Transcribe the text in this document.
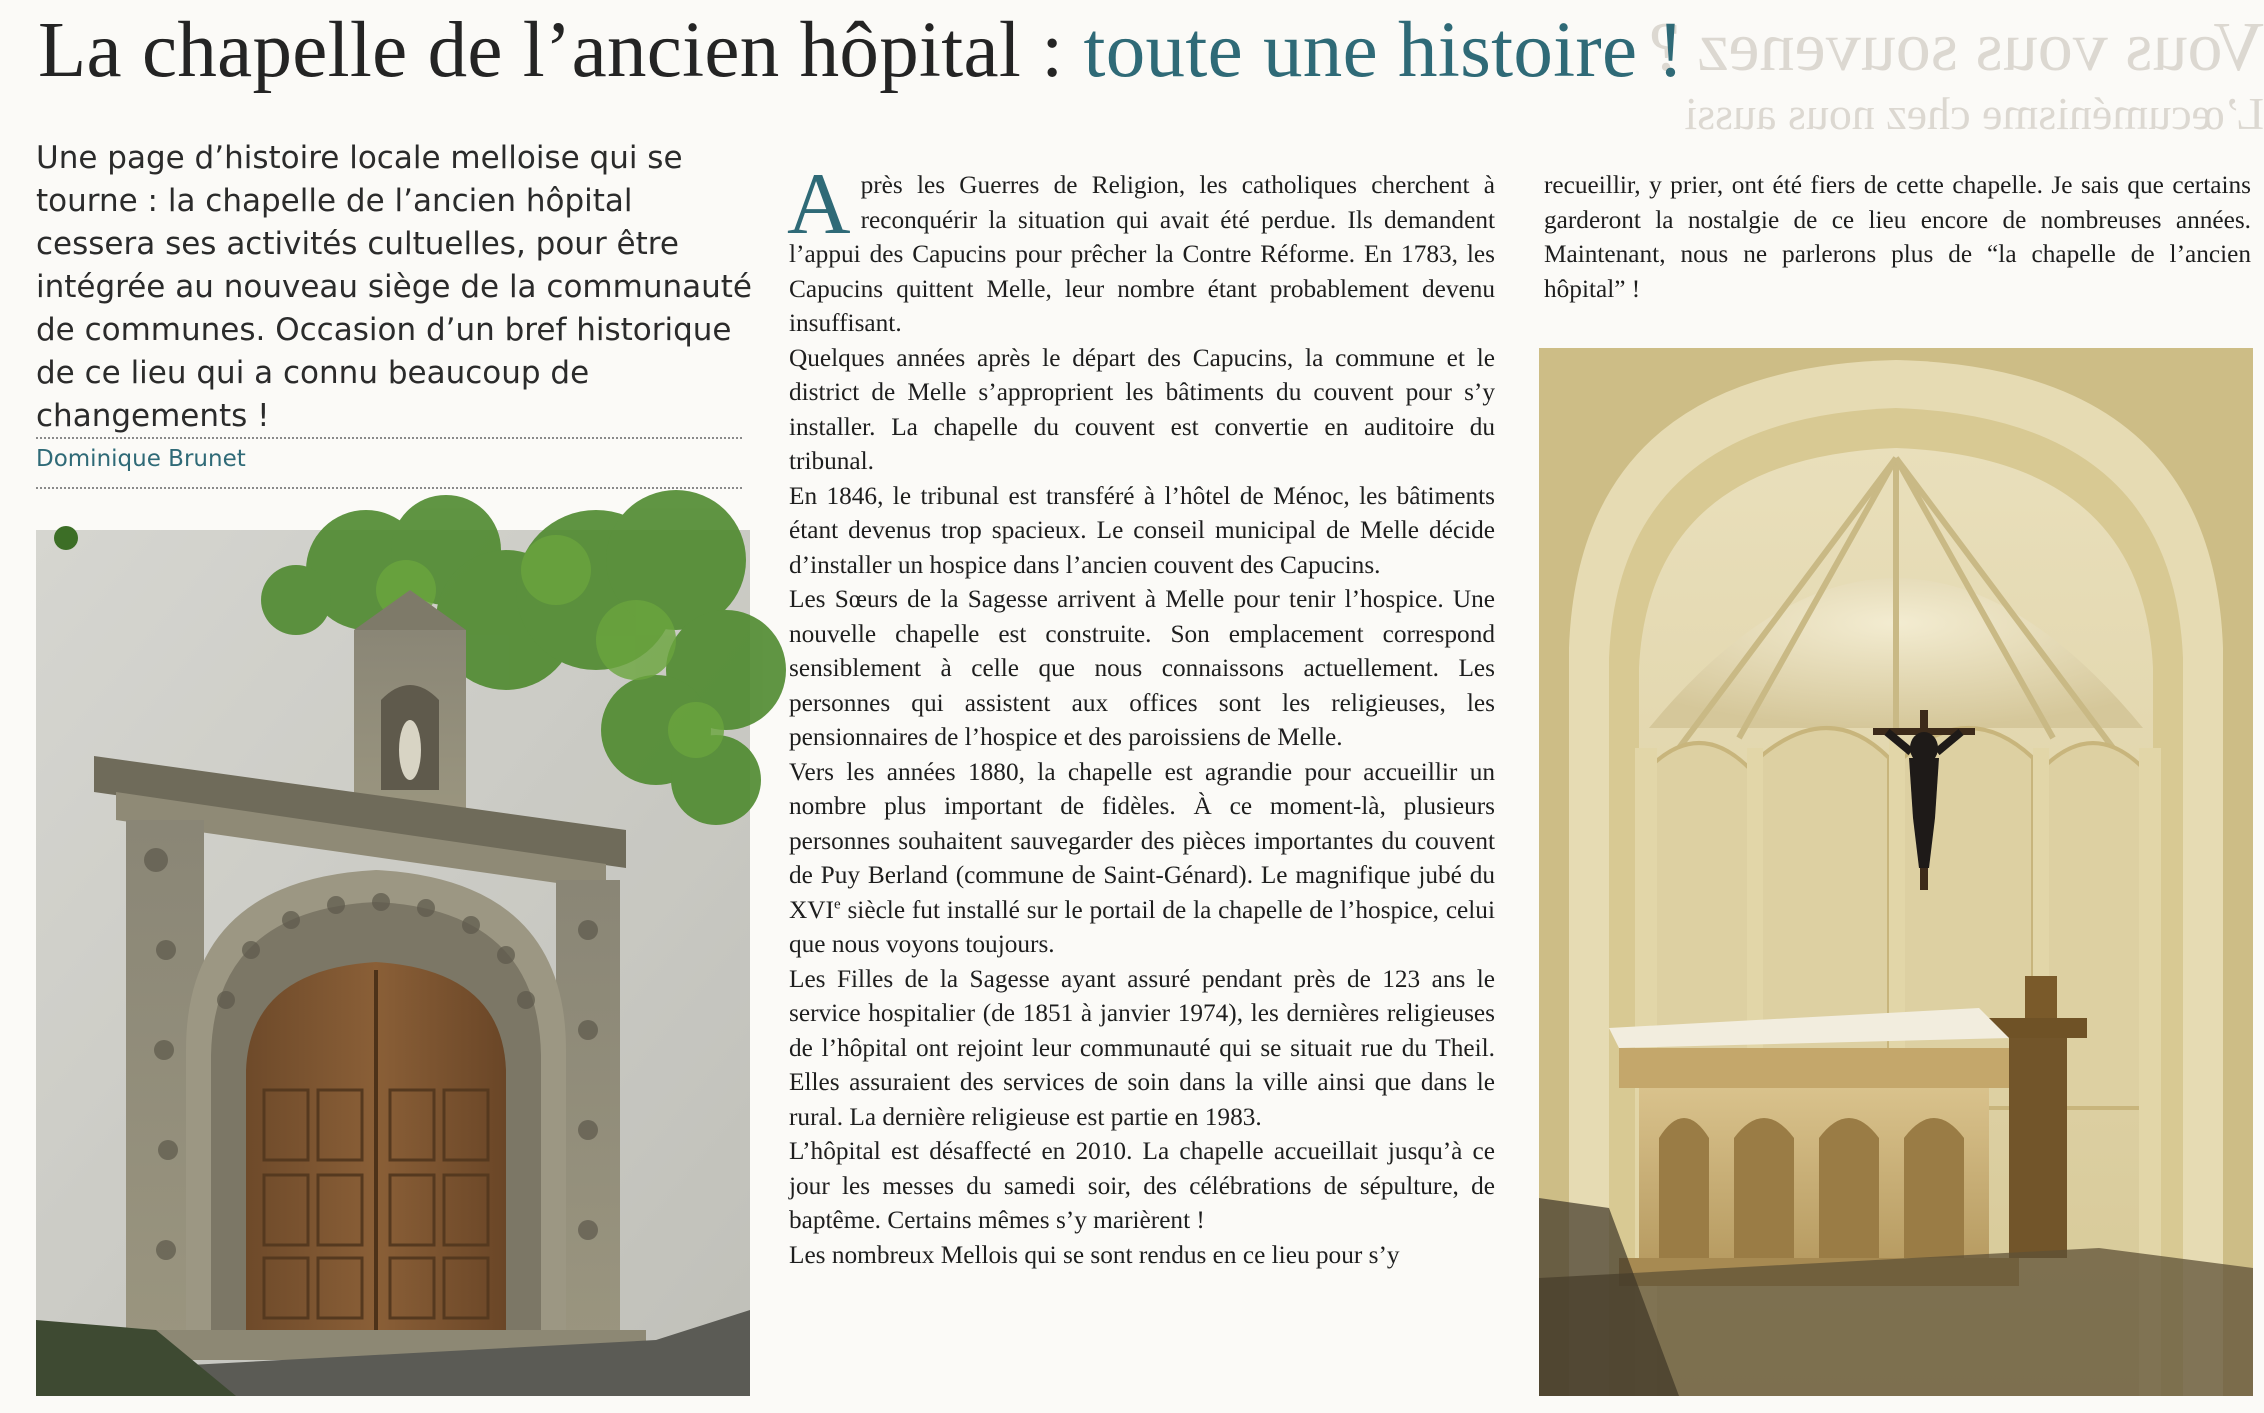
Vous vous souvenez ?
L’œcuménisme chez nous aussi
La chapelle de l’ancien hôpital : toute une histoire !

Une page d’histoire locale melloise qui se tourne : la chapelle de l’ancien hôpital cessera ses activités cultuelles, pour être intégrée au nouveau siège de la communauté de communes. Occasion d’un bref historique de ce lieu qui a connu beaucoup de changements !

Dominique Brunet

Après les Guerres de Religion, les catholiques cherchent à reconquérir la situation qui avait été perdue. Ils demandent l’appui des Capucins pour prêcher la Contre Réforme. En 1783, les Capucins quittent Melle, leur nombre étant probablement devenu insuffisant.

Quelques années après le départ des Capucins, la commune et le district de Melle s’approprient les bâtiments du couvent pour s’y installer. La chapelle du couvent est convertie en auditoire du tribunal.

En 1846, le tribunal est transféré à l’hôtel de Ménoc, les bâtiments étant devenus trop spacieux. Le conseil municipal de Melle décide d’installer un hospice dans l’ancien couvent des Capucins.

Les Sœurs de la Sagesse arrivent à Melle pour tenir l’hospice. Une nouvelle chapelle est construite. Son emplacement correspond sensiblement à celle que nous connaissons actuellement. Les personnes qui assistent aux offices sont les religieuses, les pensionnaires de l’hospice et des paroissiens de Melle.

Vers les années 1880, la chapelle est agrandie pour accueillir un nombre plus important de fidèles. À ce moment-là, plusieurs personnes souhaitent sauvegarder des pièces importantes du couvent de Puy Berland (commune de Saint-Génard). Le magnifique jubé du XVIe siècle fut installé sur le portail de la chapelle de l’hospice, celui que nous voyons toujours.

Les Filles de la Sagesse ayant assuré pendant près de 123 ans le service hospitalier (de 1851 à janvier 1974), les dernières religieuses de l’hôpital ont rejoint leur communauté qui se situait rue du Theil. Elles assuraient des services de soin dans la ville ainsi que dans le rural. La dernière religieuse est partie en 1983.

L’hôpital est désaffecté en 2010. La chapelle accueillait jusqu’à ce jour les messes du samedi soir, des célébrations de sépulture, de baptême. Certains mêmes s’y marièrent !

Les nombreux Mellois qui se sont rendus en ce lieu pour s’y

recueillir, y prier, ont été fiers de cette chapelle. Je sais que certains garderont la nostalgie de ce lieu encore de nombreuses années. Maintenant, nous ne parlerons plus de “la chapelle de l’ancien hôpital” !
